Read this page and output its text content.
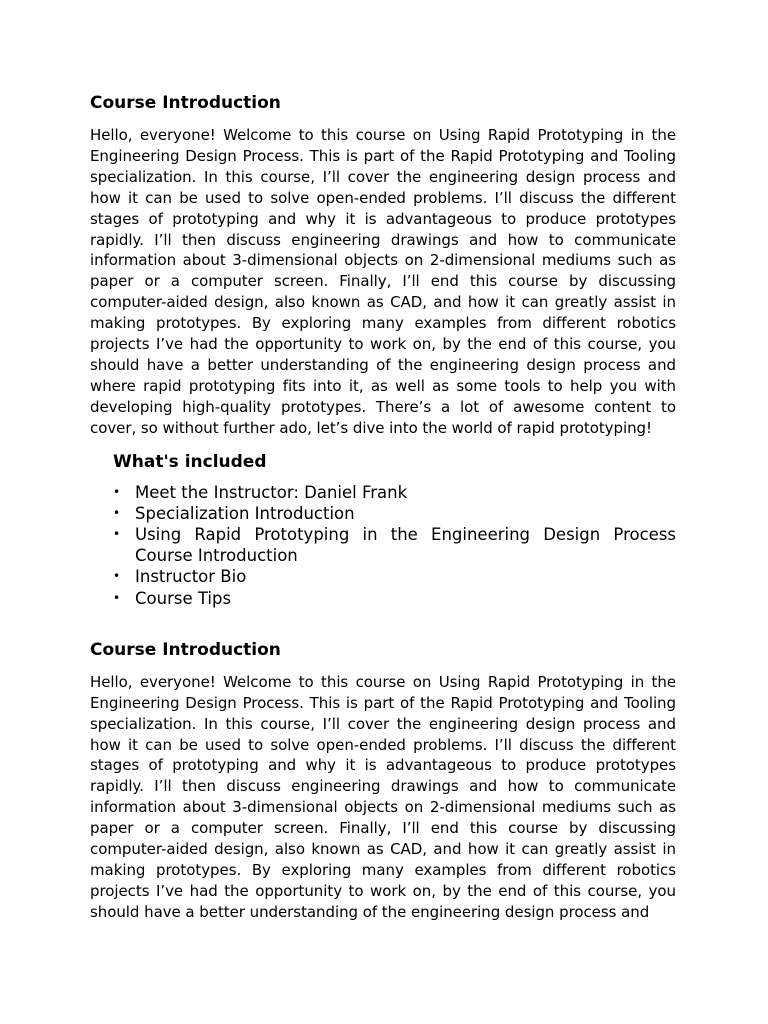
Course Introduction

Hello, everyone! Welcome to this course on Using Rapid Prototyping in the Engineering Design Process. This is part of the Rapid Prototyping and Tooling specialization. In this course, I’ll cover the engineering design process and how it can be used to solve open-ended problems. I’ll discuss the different stages of prototyping and why it is advantageous to produce prototypes rapidly. I’ll then discuss engineering drawings and how to communicate information about 3-dimensional objects on 2-dimensional mediums such as paper or a computer screen. Finally, I’ll end this course by discussing computer-aided design, also known as CAD, and how it can greatly assist in making prototypes. By exploring many examples from different robotics projects I’ve had the opportunity to work on, by the end of this course, you should have a better understanding of the engineering design process and where rapid prototyping fits into it, as well as some tools to help you with developing high-quality prototypes. There’s a lot of awesome content to cover, so without further ado, let’s dive into the world of rapid prototyping!

What's included
• Meet the Instructor: Daniel Frank
• Specialization Introduction
• Using Rapid Prototyping in the Engineering Design Process Course Introduction
• Instructor Bio
• Course Tips
Course Introduction

Hello, everyone! Welcome to this course on Using Rapid Prototyping in the Engineering Design Process. This is part of the Rapid Prototyping and Tooling specialization. In this course, I’ll cover the engineering design process and how it can be used to solve open-ended problems. I’ll discuss the different stages of prototyping and why it is advantageous to produce prototypes rapidly. I’ll then discuss engineering drawings and how to communicate information about 3-dimensional objects on 2-dimensional mediums such as paper or a computer screen. Finally, I’ll end this course by discussing computer-aided design, also known as CAD, and how it can greatly assist in making prototypes. By exploring many examples from different robotics projects I’ve had the opportunity to work on, by the end of this course, you should have a better understanding of the engineering design process and
